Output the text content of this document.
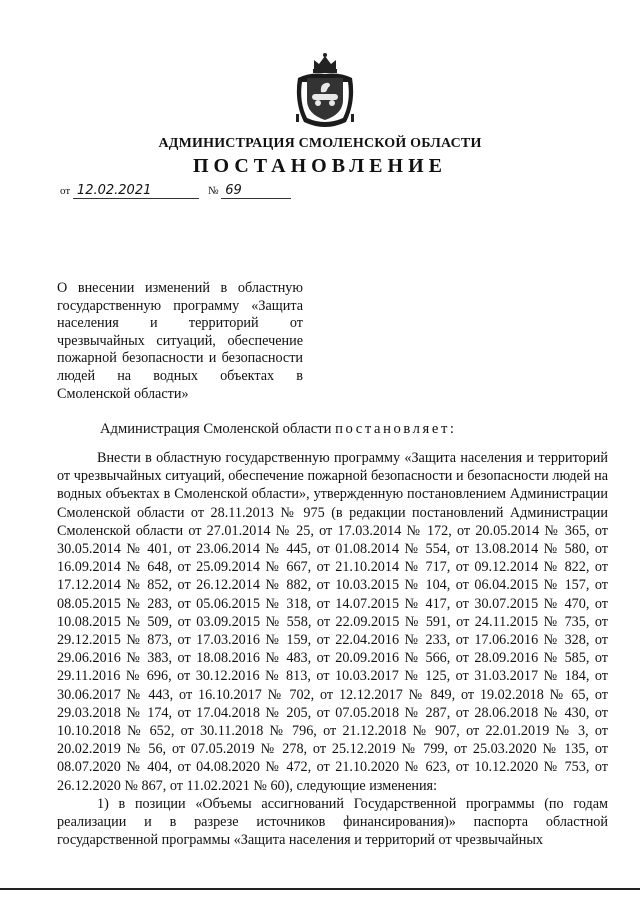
АДМИНИСТРАЦИЯ СМОЛЕНСКОЙ ОБЛАСТИ
ПОСТАНОВЛЕНИЕ
от 12.02.2021	№ 69
О внесении изменений в областную государственную программу «Защита населения и территорий от чрезвычайных ситуаций, обеспечение пожарной безопасности и безопасности людей на водных объектах в Смоленской области»
Администрация Смоленской области постановляет:

Внести в областную государственную программу «Защита населения и территорий от чрезвычайных ситуаций, обеспечение пожарной безопасности и безопасности людей на водных объектах в Смоленской области», утвержденную постановлением Администрации Смоленской области от 28.11.2013 № 975 (в редакции постановлений Администрации Смоленской области от 27.01.2014 № 25, от 17.03.2014 № 172, от 20.05.2014 № 365, от 30.05.2014 № 401, от 23.06.2014 № 445, от 01.08.2014 № 554, от 13.08.2014 № 580, от 16.09.2014 № 648, от 25.09.2014 № 667, от 21.10.2014 № 717, от 09.12.2014 № 822, от 17.12.2014 № 852, от 26.12.2014 № 882, от 10.03.2015 № 104, от 06.04.2015 № 157, от 08.05.2015 № 283, от 05.06.2015 № 318, от 14.07.2015 № 417, от 30.07.2015 № 470, от 10.08.2015 № 509, от 03.09.2015 № 558, от 22.09.2015 № 591, от 24.11.2015 № 735, от 29.12.2015 № 873, от 17.03.2016 № 159, от 22.04.2016 № 233, от 17.06.2016 № 328, от 29.06.2016 № 383, от 18.08.2016 № 483, от 20.09.2016 № 566, от 28.09.2016 № 585, от 29.11.2016 № 696, от 30.12.2016 № 813, от 10.03.2017 № 125, от 31.03.2017 № 184, от 30.06.2017 № 443, от 16.10.2017 № 702, от 12.12.2017 № 849, от 19.02.2018 № 65, от 29.03.2018 № 174, от 17.04.2018 № 205, от 07.05.2018 № 287, от 28.06.2018 № 430, от 10.10.2018 № 652, от 30.11.2018 № 796, от 21.12.2018 № 907, от 22.01.2019 № 3, от 20.02.2019 № 56, от 07.05.2019 № 278, от 25.12.2019 № 799, от 25.03.2020 № 135, от 08.07.2020 № 404, от 04.08.2020 № 472, от 21.10.2020 № 623, от 10.12.2020 № 753, от 26.12.2020 № 867, от 11.02.2021 № 60), следующие изменения:

1) в позиции «Объемы ассигнований Государственной программы (по годам реализации и в разрезе источников финансирования)» паспорта областной государственной программы «Защита населения и территорий от чрезвычайных
